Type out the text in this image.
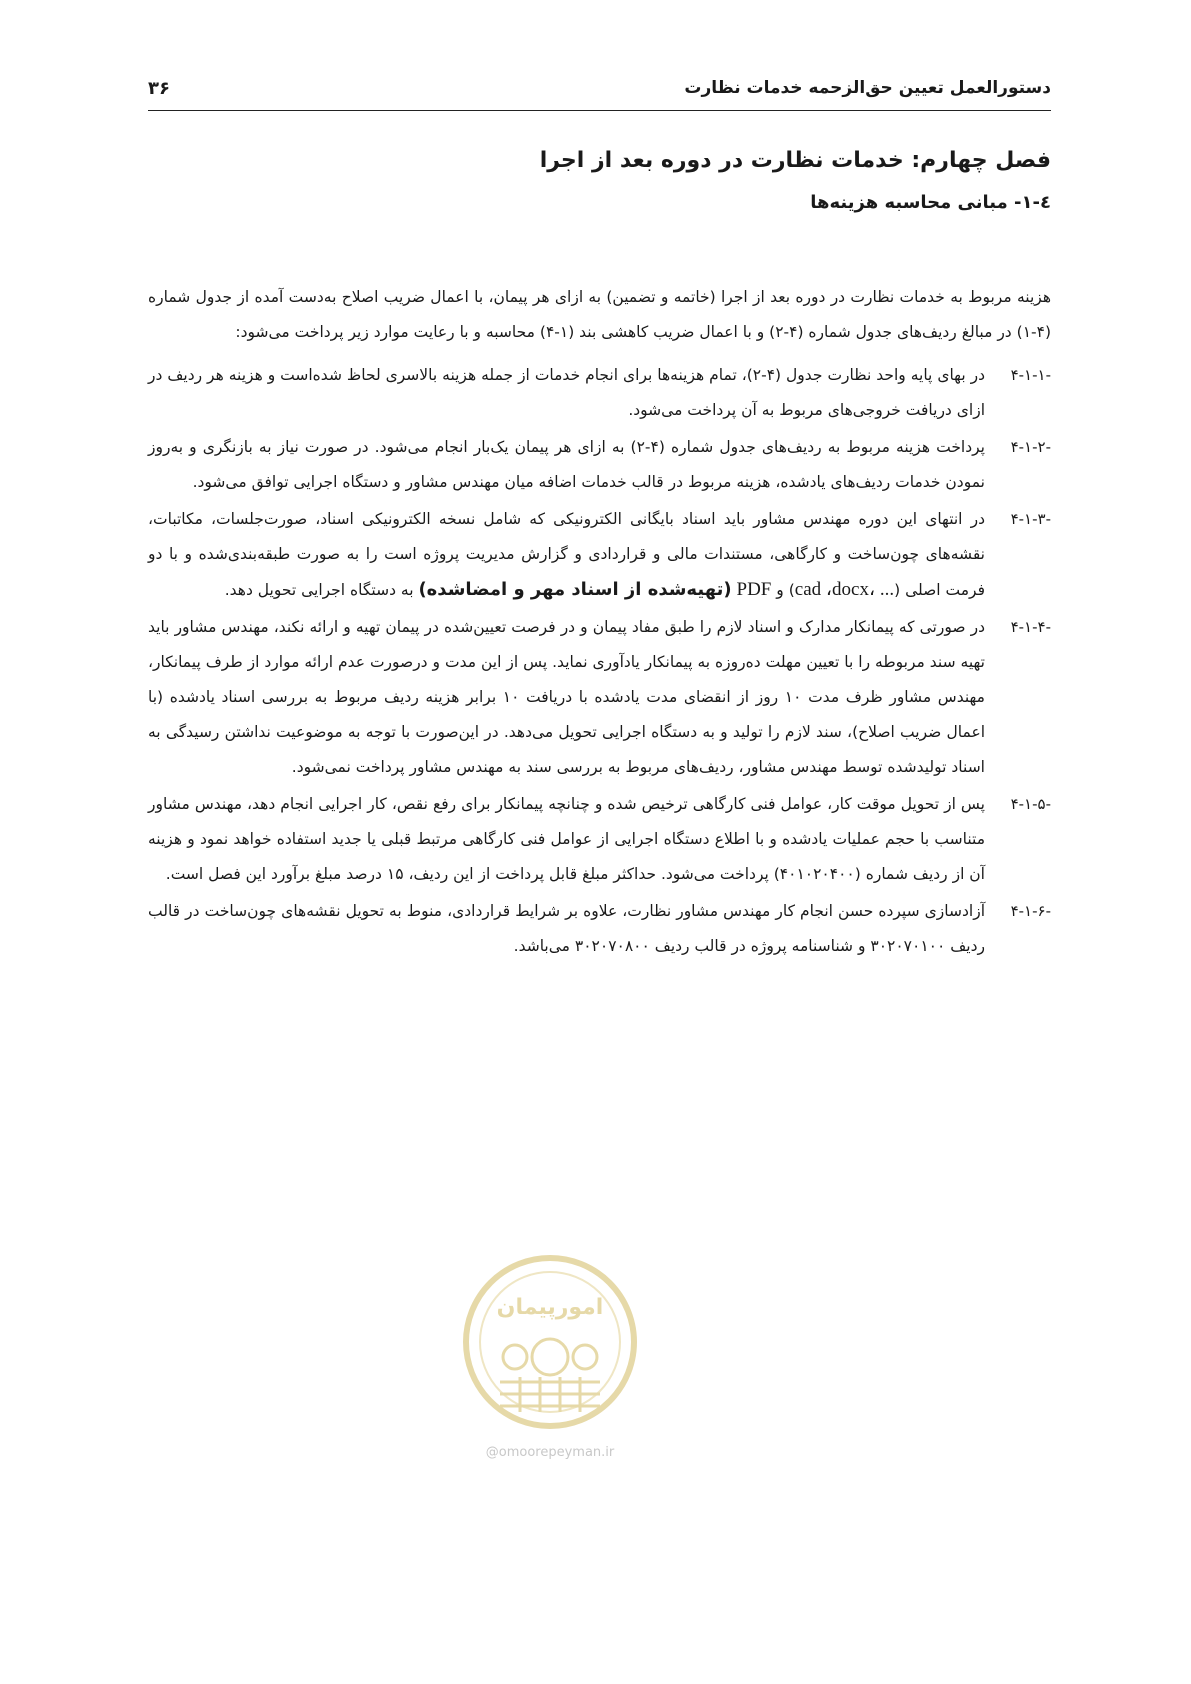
دستورالعمل تعیین حق‌الزحمه خدمات نظارت
۳۶
فصل چهارم: خدمات نظارت در دوره بعد از اجرا
٤-١- مبانی محاسبه هزینه‌ها

هزینه مربوط به خدمات نظارت در دوره بعد از اجرا (خاتمه و تضمین) به ازای هر پیمان، با اعمال ضریب اصلاح به‌دست آمده از جدول شماره (۴-۱) در مبالغ ردیف‌های جدول شماره (۴-۲) و با اعمال ضریب کاهشی بند (۱-۴) محاسبه و با رعایت موارد زیر پرداخت می‌شود:

۴-۱-۱-
در بهای پایه واحد نظارت جدول (۴-۲)، تمام هزینه‌ها برای انجام خدمات از جمله هزینه بالاسری لحاظ شده‌است و هزینه هر ردیف در ازای دریافت خروجی‌های مربوط به آن پرداخت می‌شود.
۴-۱-۲-
پرداخت هزینه مربوط به ردیف‌های جدول شماره (۴-۲) به ازای هر پیمان یک‌بار انجام می‌شود. در صورت نیاز به بازنگری و به‌روز نمودن خدمات ردیف‌های یادشده، هزینه مربوط در قالب خدمات اضافه میان مهندس مشاور و دستگاه اجرایی توافق می‌شود.
۴-۱-۳-
در انتهای این دوره مهندس مشاور باید اسناد بایگانی الکترونیکی که شامل نسخه الکترونیکی اسناد، صورت‌جلسات، مکاتبات، نقشه‌های چون‌ساخت و کارگاهی، مستندات مالی و قراردادی و گزارش مدیریت پروژه است را به صورت طبقه‌بندی‌شده و با دو فرمت اصلی (cad ،docx، ...) و PDF (تهیه‌شده از اسناد مهر و امضاشده) به دستگاه اجرایی تحویل دهد.
۴-۱-۴-
در صورتی که پیمانکار مدارک و اسناد لازم را طبق مفاد پیمان و در فرصت تعیین‌شده در پیمان تهیه و ارائه نکند، مهندس مشاور باید تهیه سند مربوطه را با تعیین مهلت ده‌روزه به پیمانکار یادآوری نماید. پس از این مدت و درصورت عدم ارائه موارد از طرف پیمانکار، مهندس مشاور ظرف مدت ۱۰ روز از انقضای مدت یادشده با دریافت ۱۰ برابر هزینه ردیف مربوط به بررسی اسناد یادشده (با اعمال ضریب اصلاح)، سند لازم را تولید و به دستگاه اجرایی تحویل می‌دهد. در این‌صورت با توجه به موضوعیت نداشتن رسیدگی به اسناد تولیدشده توسط مهندس مشاور، ردیف‌های مربوط به بررسی سند به مهندس مشاور پرداخت نمی‌شود.
۴-۱-۵-
پس از تحویل موقت کار، عوامل فنی کارگاهی ترخیص شده و چنانچه پیمانکار برای رفع نقص، کار اجرایی انجام دهد، مهندس مشاور متناسب با حجم عملیات یادشده و با اطلاع دستگاه اجرایی از عوامل فنی کارگاهی مرتبط قبلی یا جدید استفاده خواهد نمود و هزینه آن از ردیف شماره (۴۰۱۰۲۰۴۰۰) پرداخت می‌شود. حداکثر مبلغ قابل پرداخت از این ردیف، ۱۵ درصد مبلغ برآورد این فصل است.
۴-۱-۶-
آزادسازی سپرده حسن انجام کار مهندس مشاور نظارت، علاوه بر شرایط قراردادی، منوط به تحویل نقشه‌های چون‌ساخت در قالب ردیف ۳۰۲۰۷۰۱۰۰ و شناسنامه پروژه در قالب ردیف ۳۰۲۰۷۰۸۰۰ می‌باشد.
امورپیمان
@omoorepeyman.ir
